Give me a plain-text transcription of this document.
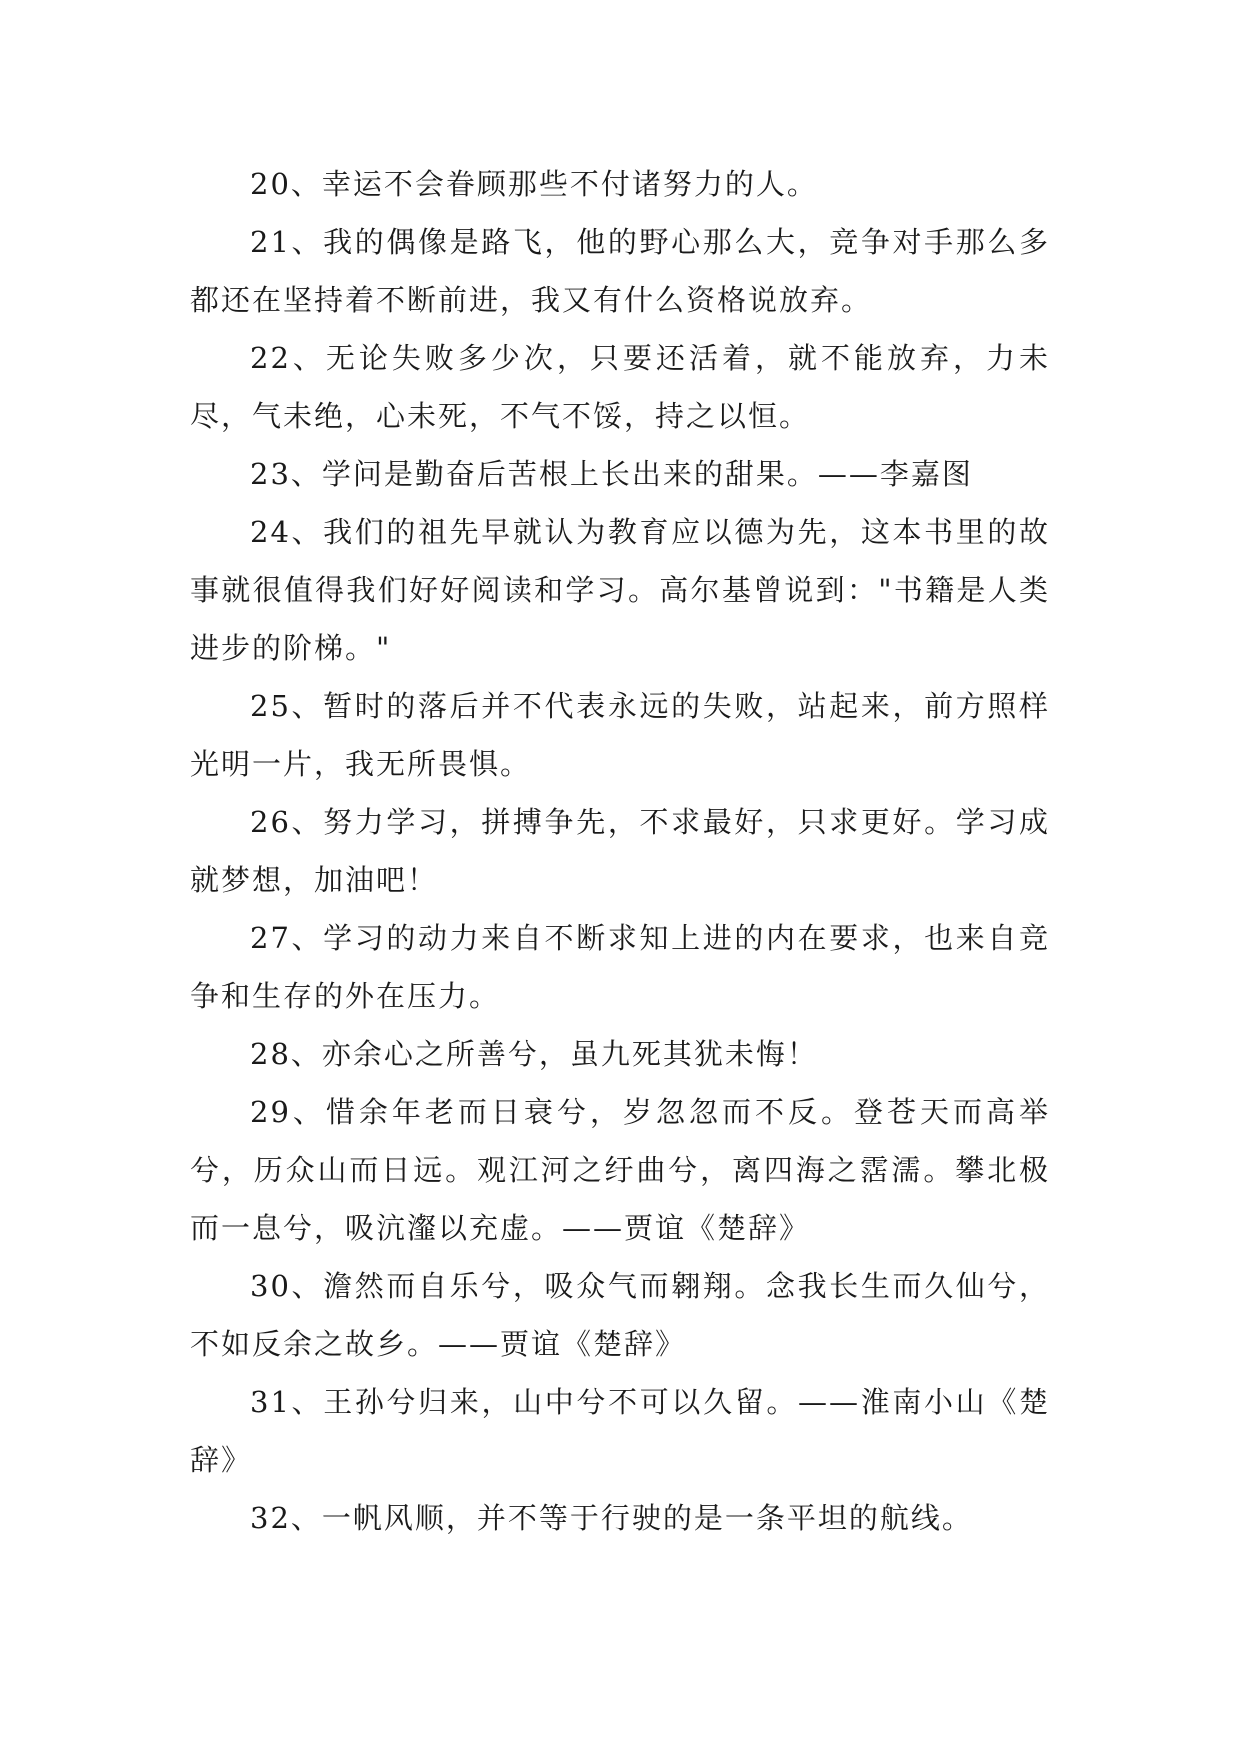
20、幸运不会眷顾那些不付诸努力的人。

21、我的偶像是路飞，他的野心那么大，竞争对手那么多都还在坚持着不断前进，我又有什么资格说放弃。

22、无论失败多少次，只要还活着，就不能放弃，力未尽，气未绝，心未死，不气不馁，持之以恒。

23、学问是勤奋后苦根上长出来的甜果。——李嘉图

24、我们的祖先早就认为教育应以德为先，这本书里的故事就很值得我们好好阅读和学习。高尔基曾说到："书籍是人类进步的阶梯。"

25、暂时的落后并不代表永远的失败，站起来，前方照样光明一片，我无所畏惧。

26、努力学习，拼搏争先，不求最好，只求更好。学习成就梦想，加油吧！

27、学习的动力来自不断求知上进的内在要求，也来自竞争和生存的外在压力。

28、亦余心之所善兮，虽九死其犹未悔！

29、惜余年老而日衰兮，岁忽忽而不反。登苍天而高举兮，历众山而日远。观江河之纡曲兮，离四海之霑濡。攀北极而一息兮，吸沆瀣以充虚。——贾谊《楚辞》

30、澹然而自乐兮，吸众气而翱翔。念我长生而久仙兮，不如反余之故乡。——贾谊《楚辞》

31、王孙兮归来，山中兮不可以久留。——淮南小山《楚辞》

32、一帆风顺，并不等于行驶的是一条平坦的航线。
